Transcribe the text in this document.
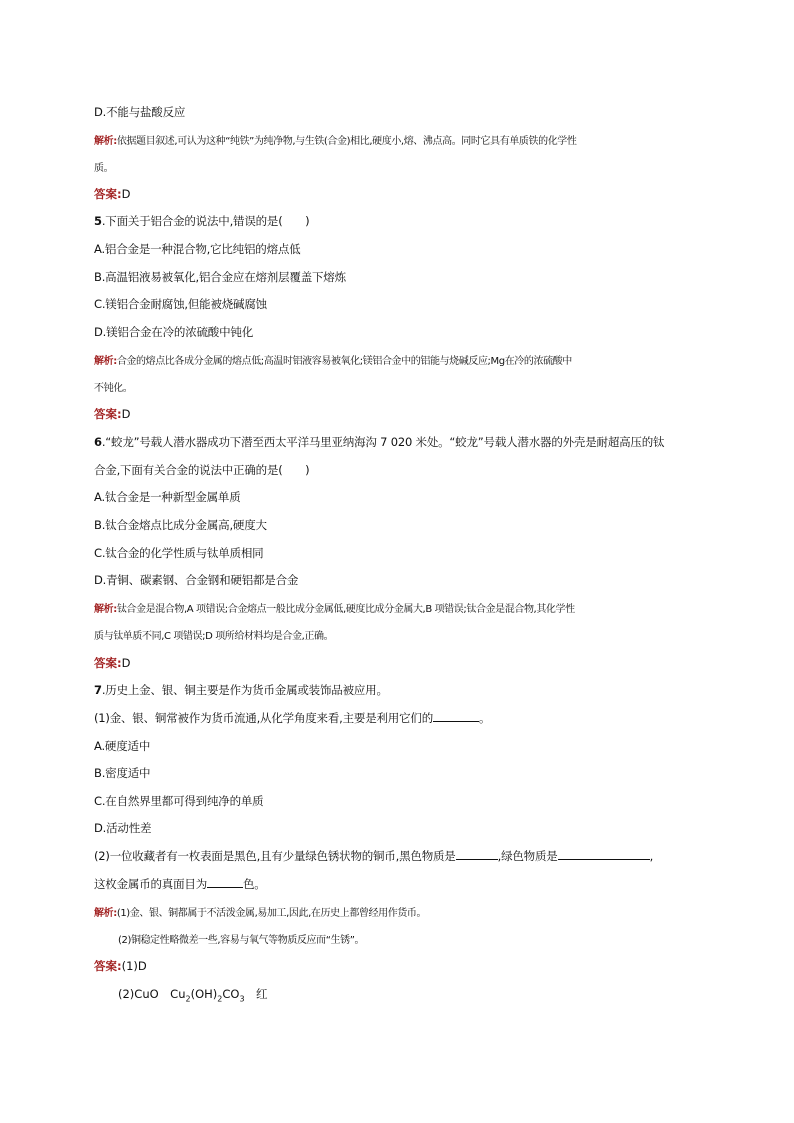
D.不能与盐酸反应
解析:依据题目叙述,可认为这种“纯铁”为纯净物,与生铁(合金)相比,硬度小,熔、沸点高。同时它具有单质铁的化学性
质。
答案:D
5.下面关于铝合金的说法中,错误的是(　　)
A.铝合金是一种混合物,它比纯铝的熔点低
B.高温铝液易被氧化,铝合金应在熔剂层覆盖下熔炼
C.镁铝合金耐腐蚀,但能被烧碱腐蚀
D.镁铝合金在冷的浓硫酸中钝化
解析:合金的熔点比各成分金属的熔点低;高温时铝液容易被氧化;镁铝合金中的铝能与烧碱反应;Mg在冷的浓硫酸中
不钝化。
答案:D
6.“蛟龙”号载人潜水器成功下潜至西太平洋马里亚纳海沟 7 020 米处。“蛟龙”号载人潜水器的外壳是耐超高压的钛
合金,下面有关合金的说法中正确的是(　　)
A.钛合金是一种新型金属单质
B.钛合金熔点比成分金属高,硬度大
C.钛合金的化学性质与钛单质相同
D.青铜、碳素钢、合金钢和硬铝都是合金
解析:钛合金是混合物,A 项错误;合金熔点一般比成分金属低,硬度比成分金属大,B 项错误;钛合金是混合物,其化学性
质与钛单质不同,C 项错误;D 项所给材料均是合金,正确。
答案:D
7.历史上金、银、铜主要是作为货币金属或装饰品被应用。
(1)金、银、铜常被作为货币流通,从化学角度来看,主要是利用它们的	。
A.硬度适中
B.密度适中
C.在自然界里都可得到纯净的单质
D.活动性差
(2)一位收藏者有一枚表面是黑色,且有少量绿色锈状物的铜币,黑色物质是	,绿色物质是	,
这枚金属币的真面目为	色。
解析:(1)金、银、铜都属于不活泼金属,易加工,因此,在历史上都曾经用作货币。
(2)铜稳定性略微差一些,容易与氧气等物质反应而“生锈”。
答案:(1)D
(2)CuO　$Cu_2(OH)_2CO_3$　红
